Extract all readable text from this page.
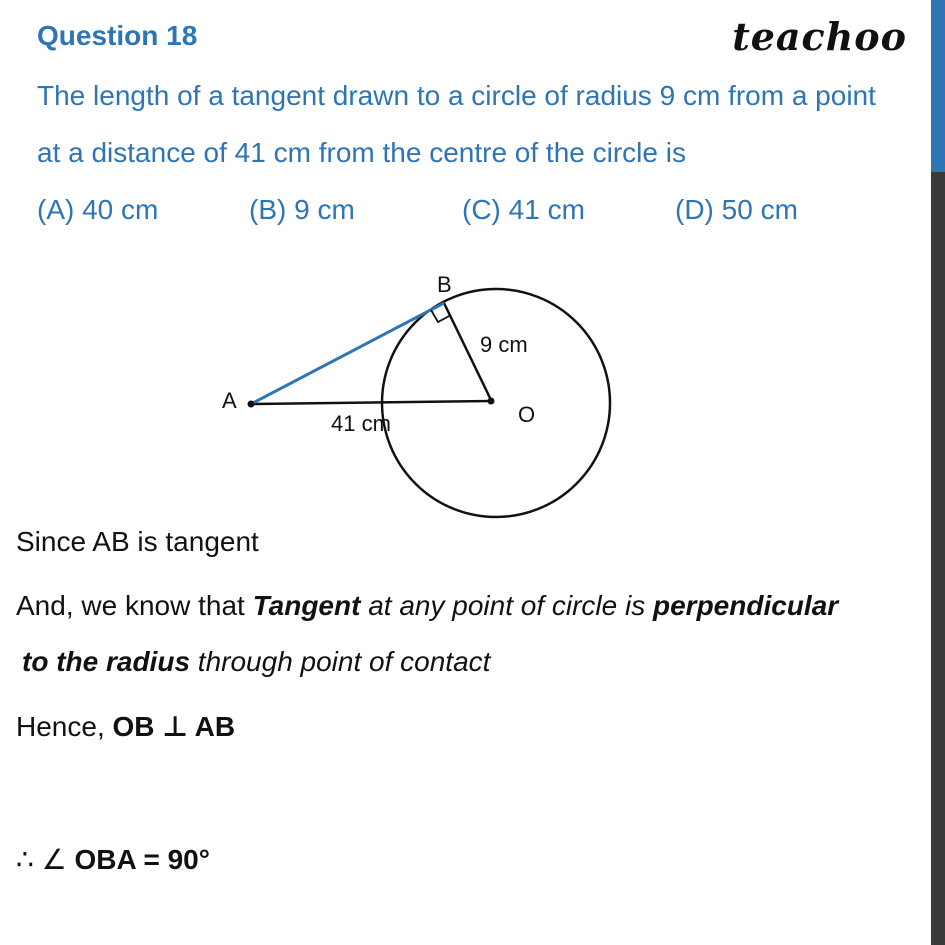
Question 18	teachoo
The length of a tangent drawn to a circle of radius 9 cm from a point
at a distance of 41 cm from the centre of the circle is
(A) 40 cm	(B) 9 cm	(C) 41 cm	(D) 50 cm
A
B
O
9 cm
41 cm
Since AB is tangent
And, we know that Tangent at any point of circle is perpendicular
to the radius through point of contact
Hence, OB ⊥ AB
∴ ∠ OBA = 90°
